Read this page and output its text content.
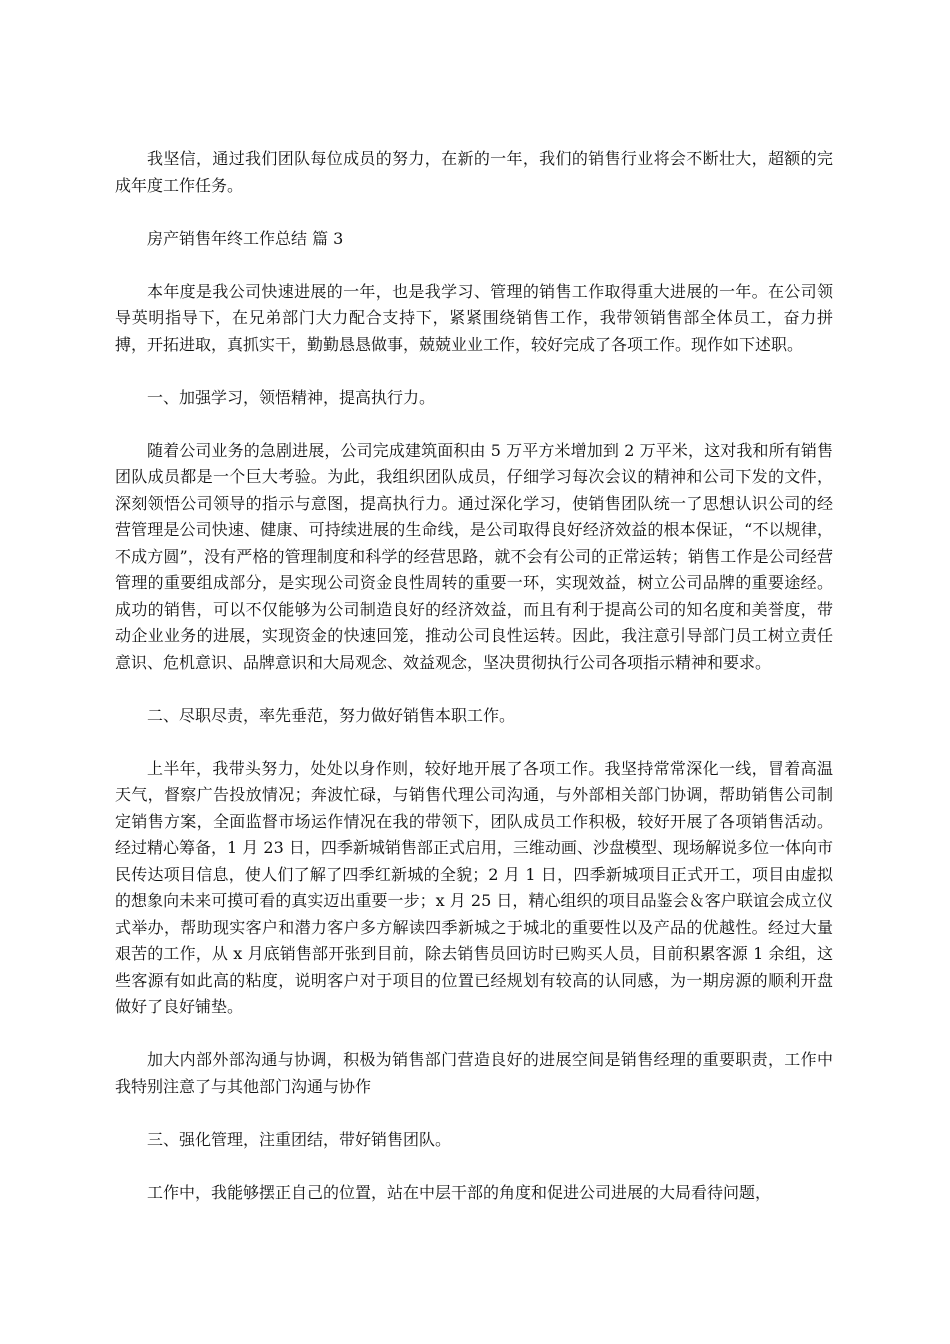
我坚信，通过我们团队每位成员的努力，在新的一年，我们的销售行业将会不断壮大，超额的完成年度工作任务。

房产销售年终工作总结 篇 3

本年度是我公司快速进展的一年，也是我学习、管理的销售工作取得重大进展的一年。在公司领导英明指导下，在兄弟部门大力配合支持下，紧紧围绕销售工作，我带领销售部全体员工，奋力拼搏，开拓进取，真抓实干，勤勤恳恳做事，兢兢业业工作，较好完成了各项工作。现作如下述职。

一、加强学习，领悟精神，提高执行力。

随着公司业务的急剧进展，公司完成建筑面积由 5 万平方米增加到 2 万平米，这对我和所有销售团队成员都是一个巨大考验。为此，我组织团队成员，仔细学习每次会议的精神和公司下发的文件，深刻领悟公司领导的指示与意图，提高执行力。通过深化学习，使销售团队统一了思想认识公司的经营管理是公司快速、健康、可持续进展的生命线，是公司取得良好经济效益的根本保证，“不以规律，不成方圆”，没有严格的管理制度和科学的经营思路，就不会有公司的正常运转；销售工作是公司经营管理的重要组成部分，是实现公司资金良性周转的重要一环，实现效益，树立公司品牌的重要途经。成功的销售，可以不仅能够为公司制造良好的经济效益，而且有利于提高公司的知名度和美誉度，带动企业业务的进展，实现资金的快速回笼，推动公司良性运转。因此，我注意引导部门员工树立责任意识、危机意识、品牌意识和大局观念、效益观念，坚决贯彻执行公司各项指示精神和要求。

二、尽职尽责，率先垂范，努力做好销售本职工作。

上半年，我带头努力，处处以身作则，较好地开展了各项工作。我坚持常常深化一线，冒着高温天气，督察广告投放情况；奔波忙碌，与销售代理公司沟通，与外部相关部门协调，帮助销售公司制定销售方案，全面监督市场运作情况在我的带领下，团队成员工作积极，较好开展了各项销售活动。经过精心筹备，1 月 23 日，四季新城销售部正式启用，三维动画、沙盘模型、现场解说多位一体向市民传达项目信息，使人们了解了四季红新城的全貌；2 月 1 日，四季新城项目正式开工，项目由虚拟的想象向未来可摸可看的真实迈出重要一步；x 月 25 日，精心组织的项目品鉴会＆客户联谊会成立仪式举办，帮助现实客户和潜力客户多方解读四季新城之于城北的重要性以及产品的优越性。经过大量艰苦的工作，从 x 月底销售部开张到目前，除去销售员回访时已购买人员，目前积累客源 1 余组，这些客源有如此高的粘度，说明客户对于项目的位置已经规划有较高的认同感，为一期房源的顺利开盘做好了良好铺垫。

加大内部外部沟通与协调，积极为销售部门营造良好的进展空间是销售经理的重要职责，工作中我特别注意了与其他部门沟通与协作

三、强化管理，注重团结，带好销售团队。

工作中，我能够摆正自己的位置，站在中层干部的角度和促进公司进展的大局看待问题，
